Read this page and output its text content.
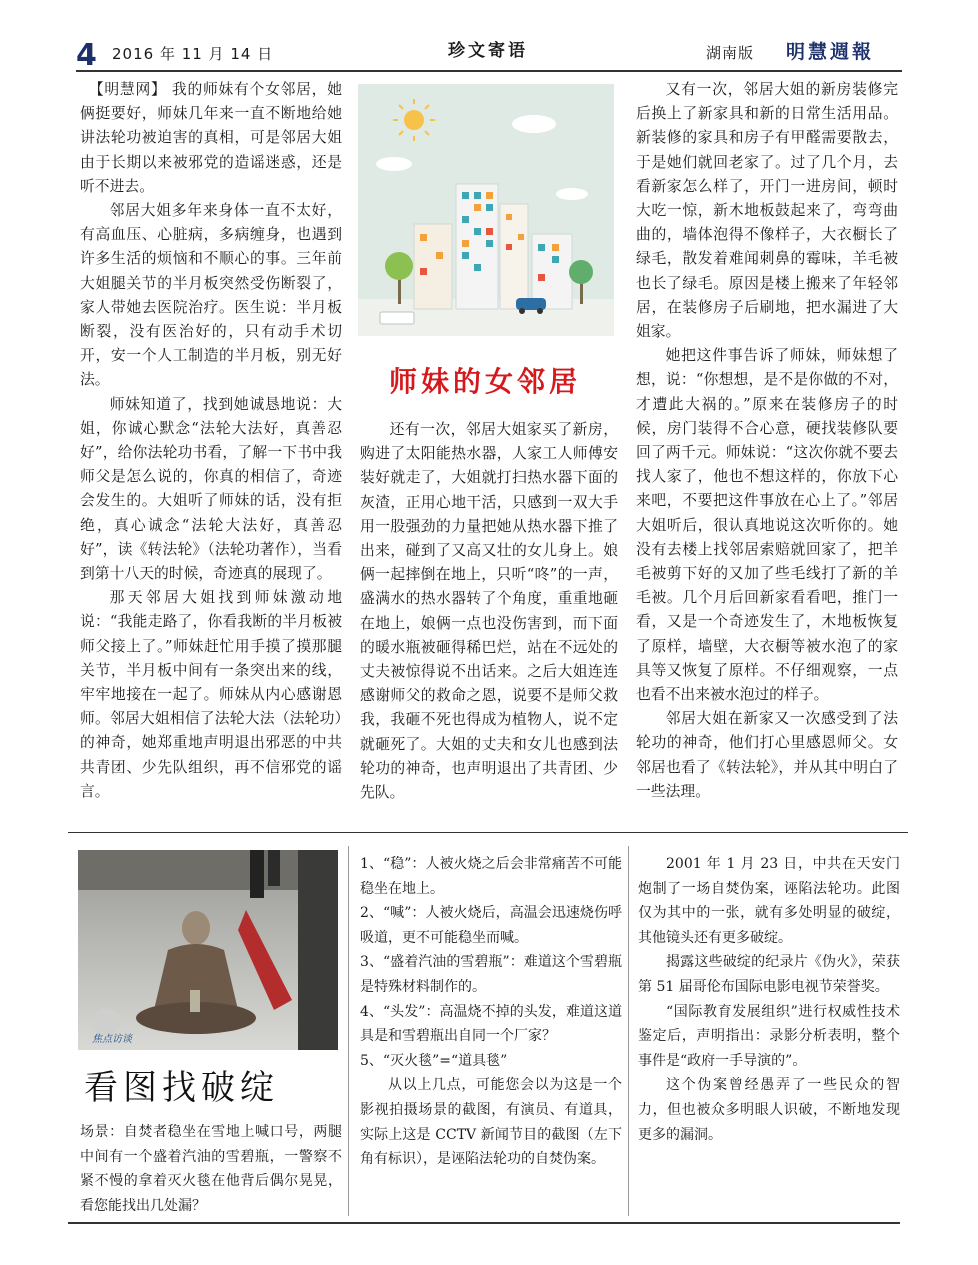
4 2016 年 11 月 14 日	珍文寄语	湖南版 明慧週報

【明慧网】 我的师妹有个女邻居，她俩挺要好，师妹几年来一直不断地给她讲法轮功被迫害的真相，可是邻居大姐由于长期以来被邪党的造谣迷惑，还是听不进去。

邻居大姐多年来身体一直不太好，有高血压、心脏病，多病缠身，也遇到许多生活的烦恼和不顺心的事。三年前大姐腿关节的半月板突然受伤断裂了，家人带她去医院治疗。医生说：半月板断裂，没有医治好的，只有动手术切开，安一个人工制造的半月板，别无好法。

师妹知道了，找到她诚恳地说：大姐，你诚心默念“法轮大法好，真善忍好”，给你法轮功书看，了解一下书中我师父是怎么说的，你真的相信了，奇迹会发生的。大姐听了师妹的话，没有拒绝，真心诚念“法轮大法好，真善忍好”，读《转法轮》（法轮功著作），当看到第十八天的时候，奇迹真的展现了。

那天邻居大姐找到师妹激动地说：“我能走路了，你看我断的半月板被师父接上了。”师妹赶忙用手摸了摸那腿关节，半月板中间有一条突出来的线，牢牢地接在一起了。师妹从内心感谢恩师。邻居大姐相信了法轮大法（法轮功）的神奇，她郑重地声明退出邪恶的中共共青团、少先队组织，再不信邪党的谣言。

师妹的女邻居

还有一次，邻居大姐家买了新房，购进了太阳能热水器，人家工人师傅安装好就走了，大姐就打扫热水器下面的灰渣，正用心地干活，只感到一双大手用一股强劲的力量把她从热水器下推了出来，碰到了又高又壮的女儿身上。娘俩一起摔倒在地上，只听“咚”的一声，盛满水的热水器转了个角度，重重地砸在地上，娘俩一点也没伤害到，而下面的暖水瓶被砸得稀巴烂，站在不远处的丈夫被惊得说不出话来。之后大姐连连感谢师父的救命之恩，说要不是师父救我，我砸不死也得成为植物人，说不定就砸死了。大姐的丈夫和女儿也感到法轮功的神奇，也声明退出了共青团、少先队。

又有一次，邻居大姐的新房装修完后换上了新家具和新的日常生活用品。新装修的家具和房子有甲醛需要散去，于是她们就回老家了。过了几个月，去看新家怎么样了，开门一进房间，顿时大吃一惊，新木地板鼓起来了，弯弯曲曲的，墙体泡得不像样子，大衣橱长了绿毛，散发着难闻刺鼻的霉味，羊毛被也长了绿毛。原因是楼上搬来了年轻邻居，在装修房子后刷地，把水漏进了大姐家。

她把这件事告诉了师妹，师妹想了想，说：“你想想，是不是你做的不对，才遭此大祸的。”原来在装修房子的时候，房门装得不合心意，硬找装修队要回了两千元。师妹说：“这次你就不要去找人家了，他也不想这样的，你放下心来吧，不要把这件事放在心上了。”邻居大姐听后，很认真地说这次听你的。她没有去楼上找邻居索赔就回家了，把羊毛被剪下好的又加了些毛线打了新的羊毛被。几个月后回新家看看吧，推门一看，又是一个奇迹发生了，木地板恢复了原样，墙壁，大衣橱等被水泡了的家具等又恢复了原样。不仔细观察，一点也看不出来被水泡过的样子。

邻居大姐在新家又一次感受到了法轮功的神奇，他们打心里感恩师父。女邻居也看了《转法轮》，并从其中明白了一些法理。

焦点访谈
看图找破绽

场景：自焚者稳坐在雪地上喊口号，两腿中间有一个盛着汽油的雪碧瓶，一警察不紧不慢的拿着灭火毯在他背后偶尔晃晃，看您能找出几处漏？

1、“稳”：人被火烧之后会非常痛苦不可能稳坐在地上。

2、“喊”：人被火烧后，高温会迅速烧伤呼吸道，更不可能稳坐而喊。

3、“盛着汽油的雪碧瓶”：难道这个雪碧瓶是特殊材料制作的。

4、“头发”：高温烧不掉的头发，难道这道具是和雪碧瓶出自同一个厂家？

5、“灭火毯”=“道具毯”

从以上几点，可能您会以为这是一个影视拍摄场景的截图，有演员、有道具，实际上这是 CCTV 新闻节目的截图（左下角有标识），是诬陷法轮功的自焚伪案。

2001 年 1 月 23 日，中共在天安门炮制了一场自焚伪案，诬陷法轮功。此图仅为其中的一张，就有多处明显的破绽，其他镜头还有更多破绽。

揭露这些破绽的纪录片《伪火》，荣获第 51 届哥伦布国际电影电视节荣誉奖。

“国际教育发展组织”进行权威性技术鉴定后，声明指出：录影分析表明，整个事件是“政府一手导演的”。

这个伪案曾经愚弄了一些民众的智力，但也被众多明眼人识破，不断地发现更多的漏洞。
